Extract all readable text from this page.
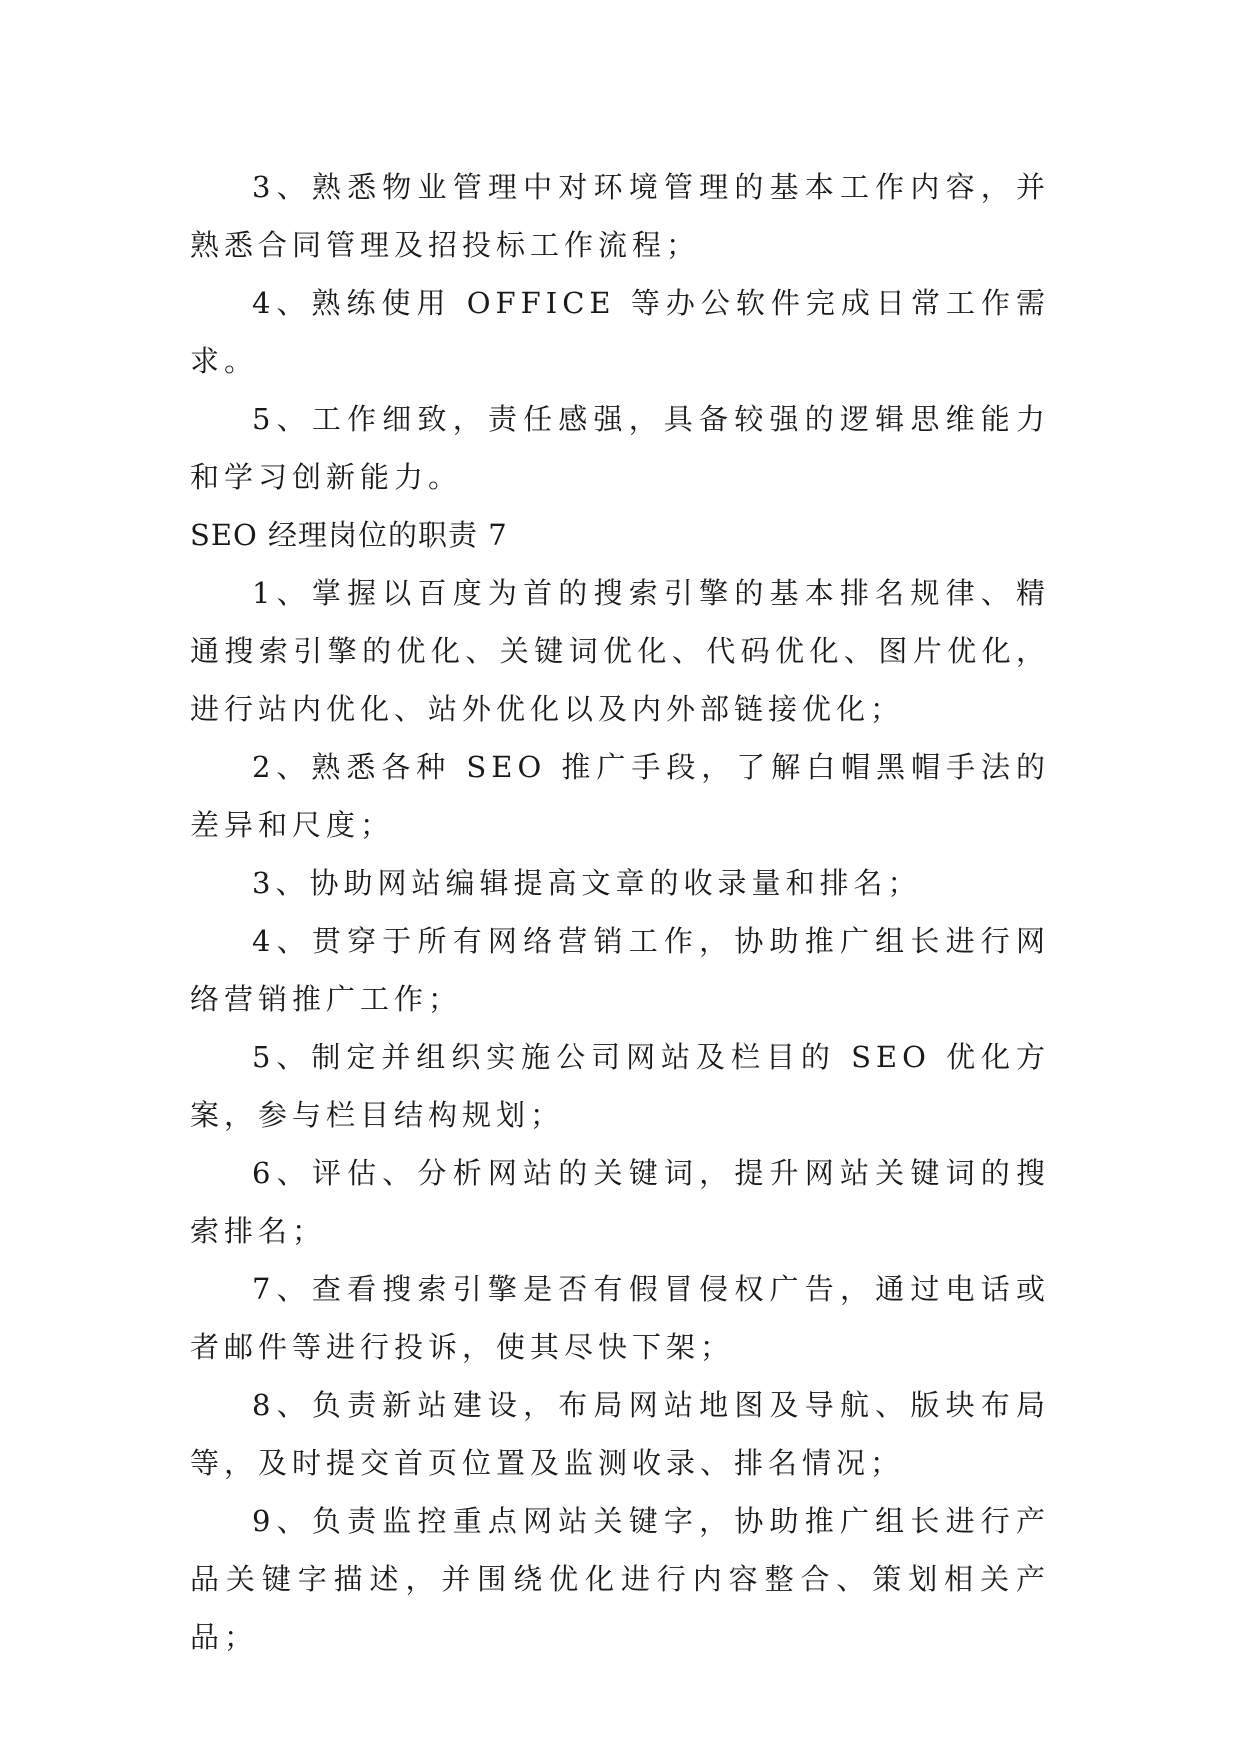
3、熟悉物业管理中对环境管理的基本工作内容，并熟悉合同管理及招投标工作流程；

4、熟练使用 OFFICE 等办公软件完成日常工作需求。

5、工作细致，责任感强，具备较强的逻辑思维能力和学习创新能力。

SEO 经理岗位的职责 7

1、掌握以百度为首的搜索引擎的基本排名规律、精通搜索引擎的优化、关键词优化、代码优化、图片优化，进行站内优化、站外优化以及内外部链接优化；

2、熟悉各种 SEO 推广手段，了解白帽黑帽手法的差异和尺度；

3、协助网站编辑提高文章的收录量和排名；

4、贯穿于所有网络营销工作，协助推广组长进行网络营销推广工作；

5、制定并组织实施公司网站及栏目的 SEO 优化方案，参与栏目结构规划；

6、评估、分析网站的关键词，提升网站关键词的搜索排名；

7、查看搜索引擎是否有假冒侵权广告，通过电话或者邮件等进行投诉，使其尽快下架；

8、负责新站建设，布局网站地图及导航、版块布局等，及时提交首页位置及监测收录、排名情况；

9、负责监控重点网站关键字，协助推广组长进行产品关键字描述，并围绕优化进行内容整合、策划相关产品；
